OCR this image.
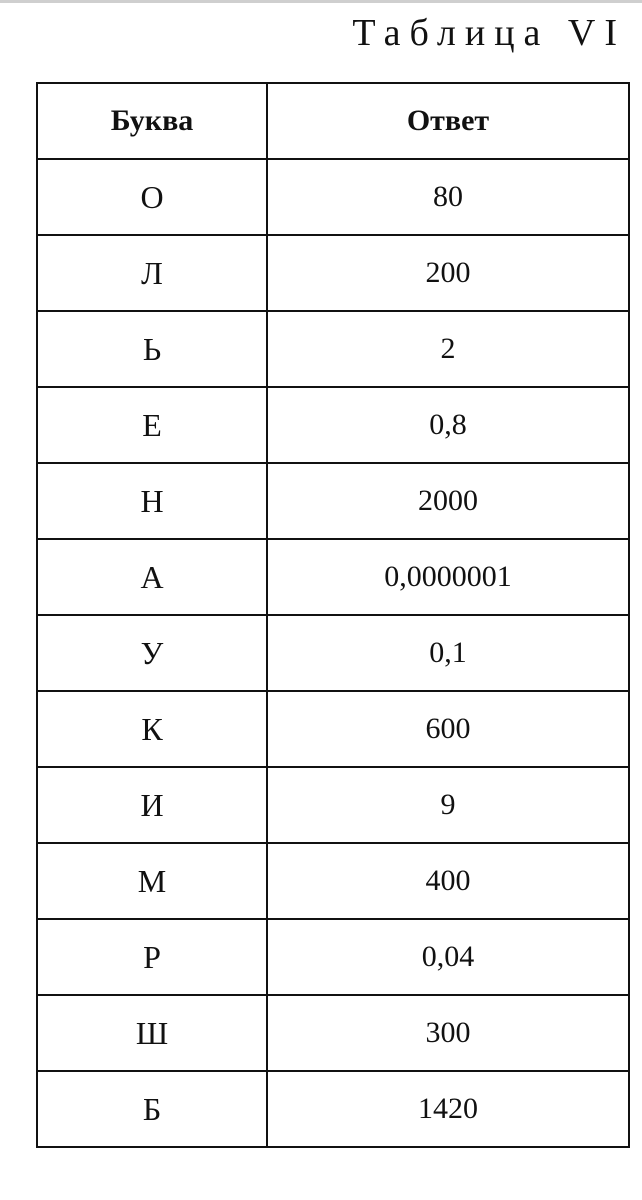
Таблица VI
Буква	Ответ
О	80
Л	200
Ь	2
Е	0,8
Н	2000
А	0,0000001
У	0,1
К	600
И	9
М	400
Р	0,04
Ш	300
Б	1420
